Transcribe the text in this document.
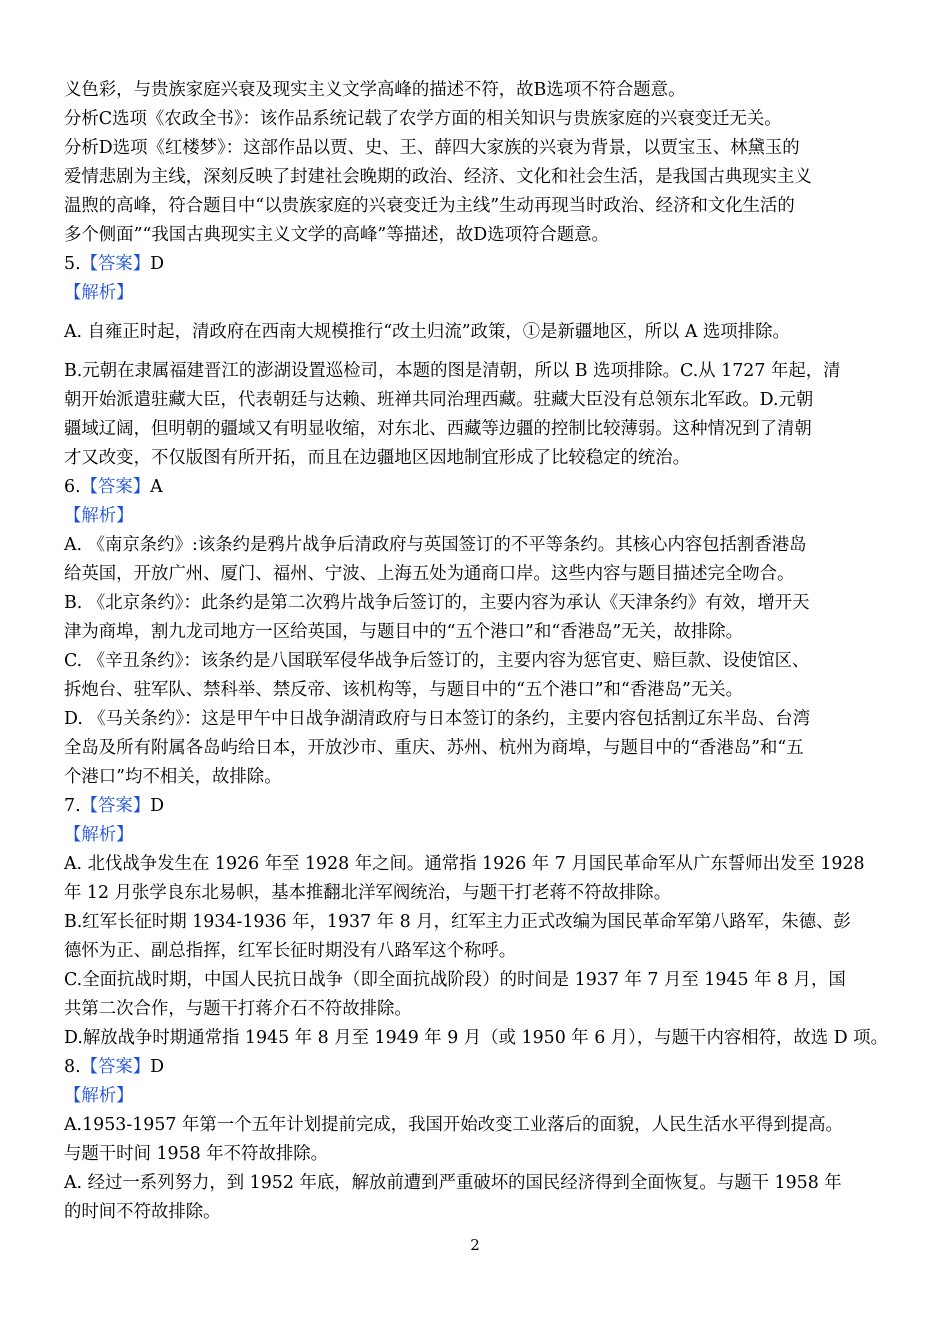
义色彩，与贵族家庭兴衰及现实主义文学高峰的描述不符，故B选项不符合题意。
分析C选项《农政全书》：该作品系统记载了农学方面的相关知识与贵族家庭的兴衰变迁无关。
分析D选项《红楼梦》：这部作品以贾、史、王、薛四大家族的兴衰为背景，以贾宝玉、林黛玉的
爱情悲剧为主线，深刻反映了封建社会晚期的政治、经济、文化和社会生活，是我国古典现实主义
温煦的高峰，符合题目中“以贵族家庭的兴衰变迁为主线”生动再现当时政治、经济和文化生活的
多个侧面”“我国古典现实主义文学的高峰”等描述，故D选项符合题意。
5.【答案】D
【解析】
A. 自雍正时起，清政府在西南大规模推行“改土归流”政策，①是新疆地区，所以 A 选项排除。
B.元朝在隶属福建晋江的澎湖设置巡检司，本题的图是清朝，所以 B 选项排除。C.从 1727 年起，清
朝开始派遣驻藏大臣，代表朝廷与达赖、班禅共同治理西藏。驻藏大臣没有总领东北军政。D.元朝
疆域辽阔，但明朝的疆域又有明显收缩，对东北、西藏等边疆的控制比较薄弱。这种情况到了清朝
才又改变，不仅版图有所开拓，而且在边疆地区因地制宜形成了比较稳定的统治。
6.【答案】A
【解析】
A. 《南京条约》:该条约是鸦片战争后清政府与英国签订的不平等条约。其核心内容包括割香港岛
给英国，开放广州、厦门、福州、宁波、上海五处为通商口岸。这些内容与题目描述完全吻合。
B. 《北京条约》：此条约是第二次鸦片战争后签订的，主要内容为承认《天津条约》有效，增开天
津为商埠，割九龙司地方一区给英国，与题目中的“五个港口”和“香港岛”无关，故排除。
C. 《辛丑条约》：该条约是八国联军侵华战争后签订的，主要内容为惩官吏、赔巨款、设使馆区、
拆炮台、驻军队、禁科举、禁反帝、该机构等，与题目中的“五个港口”和“香港岛”无关。
D. 《马关条约》：这是甲午中日战争湖清政府与日本签订的条约，主要内容包括割辽东半岛、台湾
全岛及所有附属各岛屿给日本，开放沙市、重庆、苏州、杭州为商埠，与题目中的“香港岛”和“五
个港口”均不相关，故排除。
7.【答案】D
【解析】
A. 北伐战争发生在 1926 年至 1928 年之间。通常指 1926 年 7 月国民革命军从广东誓师出发至 1928
年 12 月张学良东北易帜，基本推翻北洋军阀统治，与题干打老蒋不符故排除。
B.红军长征时期 1934-1936 年，1937 年 8 月，红军主力正式改编为国民革命军第八路军，朱德、彭
德怀为正、副总指挥，红军长征时期没有八路军这个称呼。
C.全面抗战时期，中国人民抗日战争（即全面抗战阶段）的时间是 1937 年 7 月至 1945 年 8 月，国
共第二次合作，与题干打蒋介石不符故排除。
D.解放战争时期通常指 1945 年 8 月至 1949 年 9 月（或 1950 年 6 月），与题干内容相符，故选 D 项。
8.【答案】D
【解析】
A.1953-1957 年第一个五年计划提前完成，我国开始改变工业落后的面貌，人民生活水平得到提高。
与题干时间 1958 年不符故排除。
A. 经过一系列努力，到 1952 年底，解放前遭到严重破坏的国民经济得到全面恢复。与题干 1958 年
的时间不符故排除。
2
